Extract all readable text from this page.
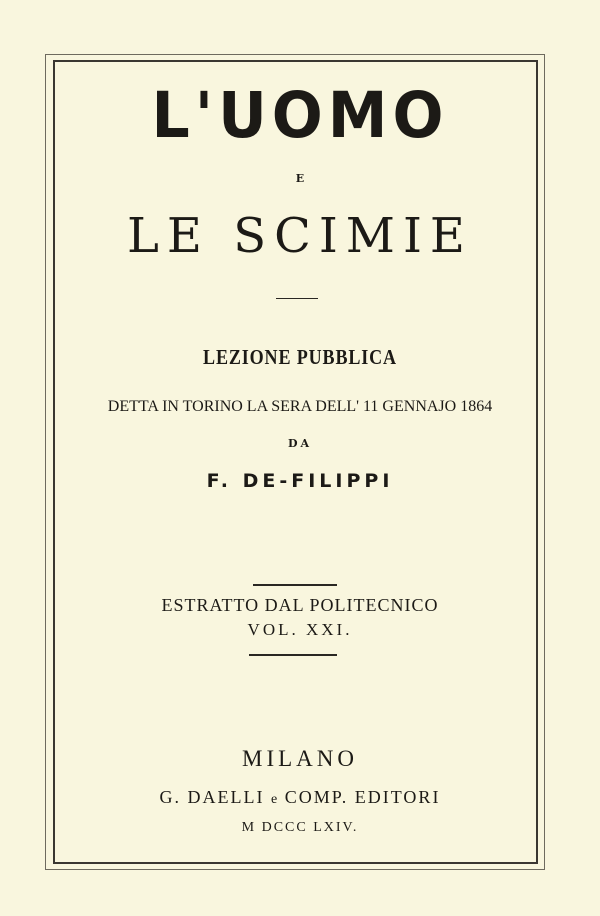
L'UOMO
E
LE SCIMIE
LEZIONE PUBBLICA
DETTA IN TORINO LA SERA DELL' 11 GENNAJO 1864
DA
F. DE-FILIPPI
ESTRATTO DAL POLITECNICO
VOL. XXI.
MILANO
G. DAELLI e COMP. EDITORI
M DCCC LXIV.
